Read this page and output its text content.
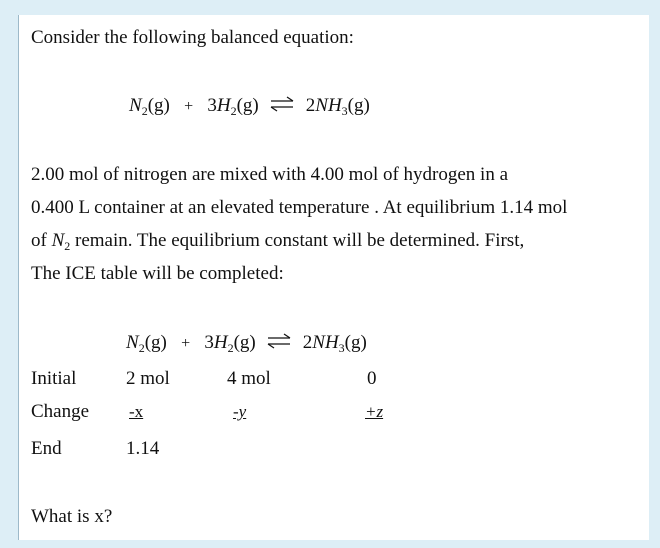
Consider the following balanced equation:
$N_2(g) + 3H_2(g)$ ⇌ $2NH_3(g)$
2.00 mol of nitrogen are mixed with 4.00 mol of hydrogen in a
0.400 L container at an elevated temperature . At equilibrium 1.14 mol
of $N_2$ remain. The equilibrium constant will be determined. First,
The ICE table will be completed:
$N_2(g) + 3H_2(g)$ ⇌ $2NH_3(g)$
Initial	2 mol	4 mol	0
Change -x	-y	+z
End	1.14
What is x?
